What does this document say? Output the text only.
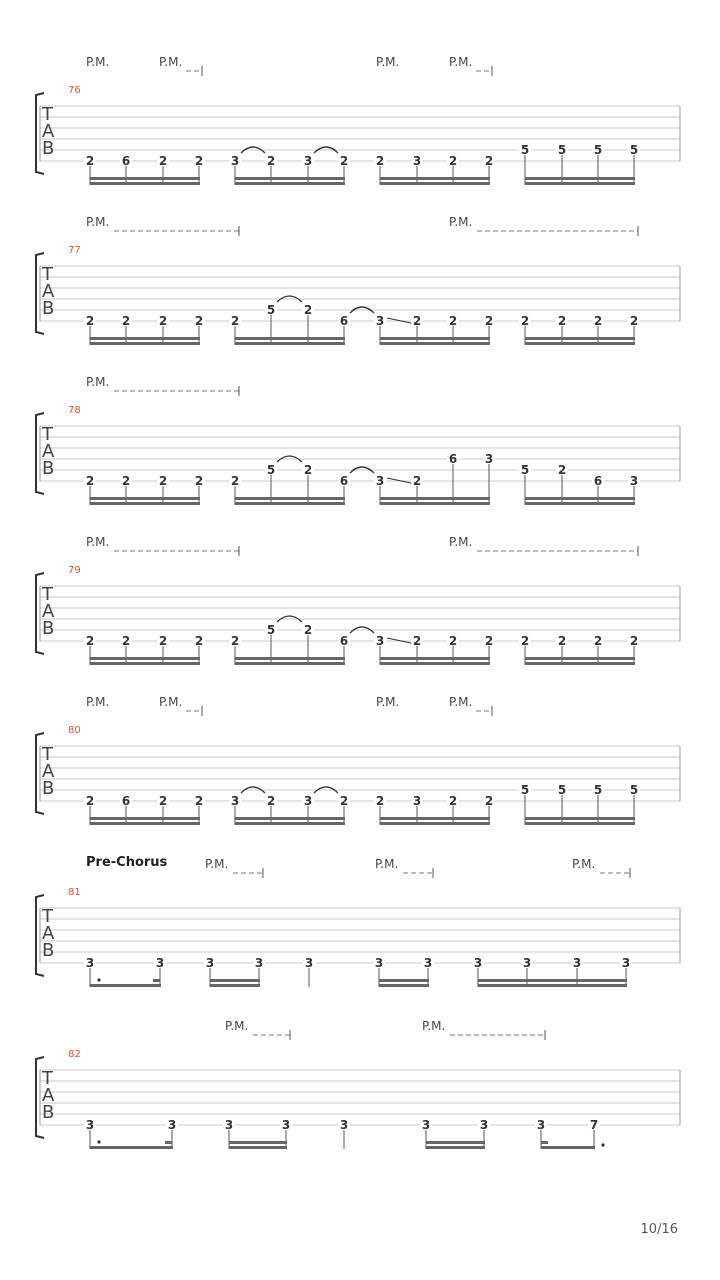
T
A
B
76
P.M.	P.M.	P.M.	P.M.
2 6 2 2 3 2 3 2 2 3 2 2
5 5 5 5
T
A
B
77
P.M.	P.M.
2 2 2 2 2
5 2
6 3 2 2 2 2 2 2 2
T
A
B
78
P.M.
2 2 2 2 2
5 2
6 3 2
6 3
5 2
6 3
T
A
B
79
P.M.	P.M.
2 2 2 2 2
5 2
6 3 2 2 2 2 2 2 2
T
A
B
80
P.M.	P.M.	P.M.	P.M.
2 6 2 2 3 2 3 2 2 3 2 2
5 5 5 5
T
A
B
81
Pre-Chorus	P.M.	P.M.	P.M.
3	3	3	3	3	3	3	3	3	3	3
T
A
B
82
P.M.	P.M.
3	3	3	3	3	3	3	3	7
10/16
